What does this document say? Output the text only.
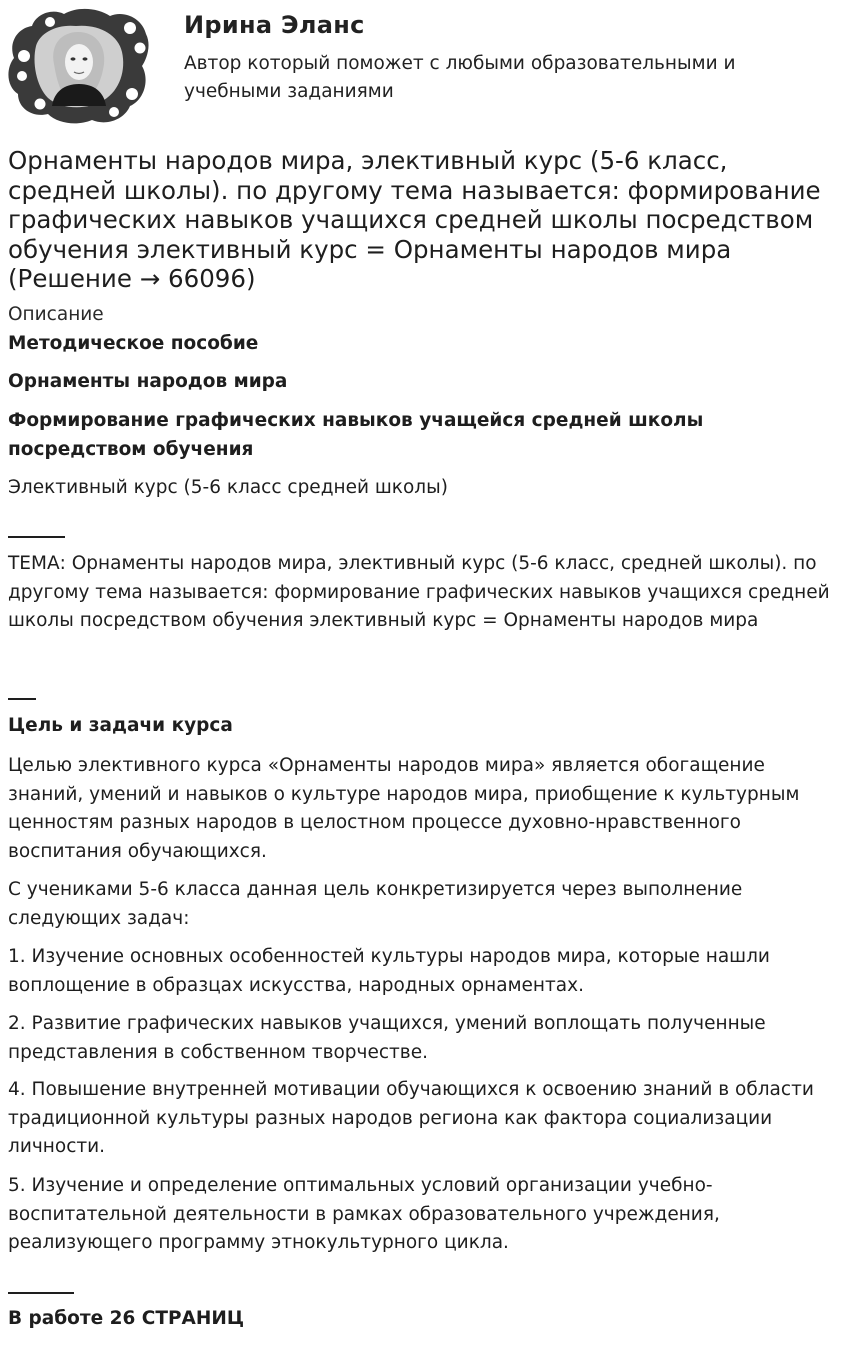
Ирина Эланс
Автор который поможет с любыми образовательными и учебными заданиями
Орнаменты народов мира, элективный курс (5-6 класс, средней школы). по другому тема называется: формирование графических навыков учащихся средней школы посредством обучения элективный курс = Орнаменты народов мира (Решение → 66096)
Описание
Методическое пособие
Орнаменты народов мира
Формирование графических навыков учащейся средней школы посредством обучения
Элективный курс (5-6 класс средней школы)
ТЕМА: Орнаменты народов мира, элективный курс (5-6 класс, средней школы). по другому тема называется: формирование графических навыков учащихся средней школы посредством обучения элективный курс = Орнаменты народов мира
Цель и задачи курса
Целью элективного курса «Орнаменты народов мира» является обогащение знаний, умений и навыков о культуре народов мира, приобщение к культурным ценностям разных народов в целостном процессе духовно-нравственного воспитания обучающихся.
С учениками 5-6 класса данная цель конкретизируется через выполнение следующих задач:
1. Изучение основных особенностей культуры народов мира, которые нашли воплощение в образцах искусства, народных орнаментах.
2. Развитие графических навыков учащихся, умений воплощать полученные представления в собственном творчестве.
4. Повышение внутренней мотивации обучающихся к освоению знаний в области традиционной культуры разных народов региона как фактора социализации личности.
5. Изучение и определение оптимальных условий организации учебно-воспитательной деятельности в рамках образовательного учреждения, реализующего программу этнокультурного цикла.
В работе 26 СТРАНИЦ
